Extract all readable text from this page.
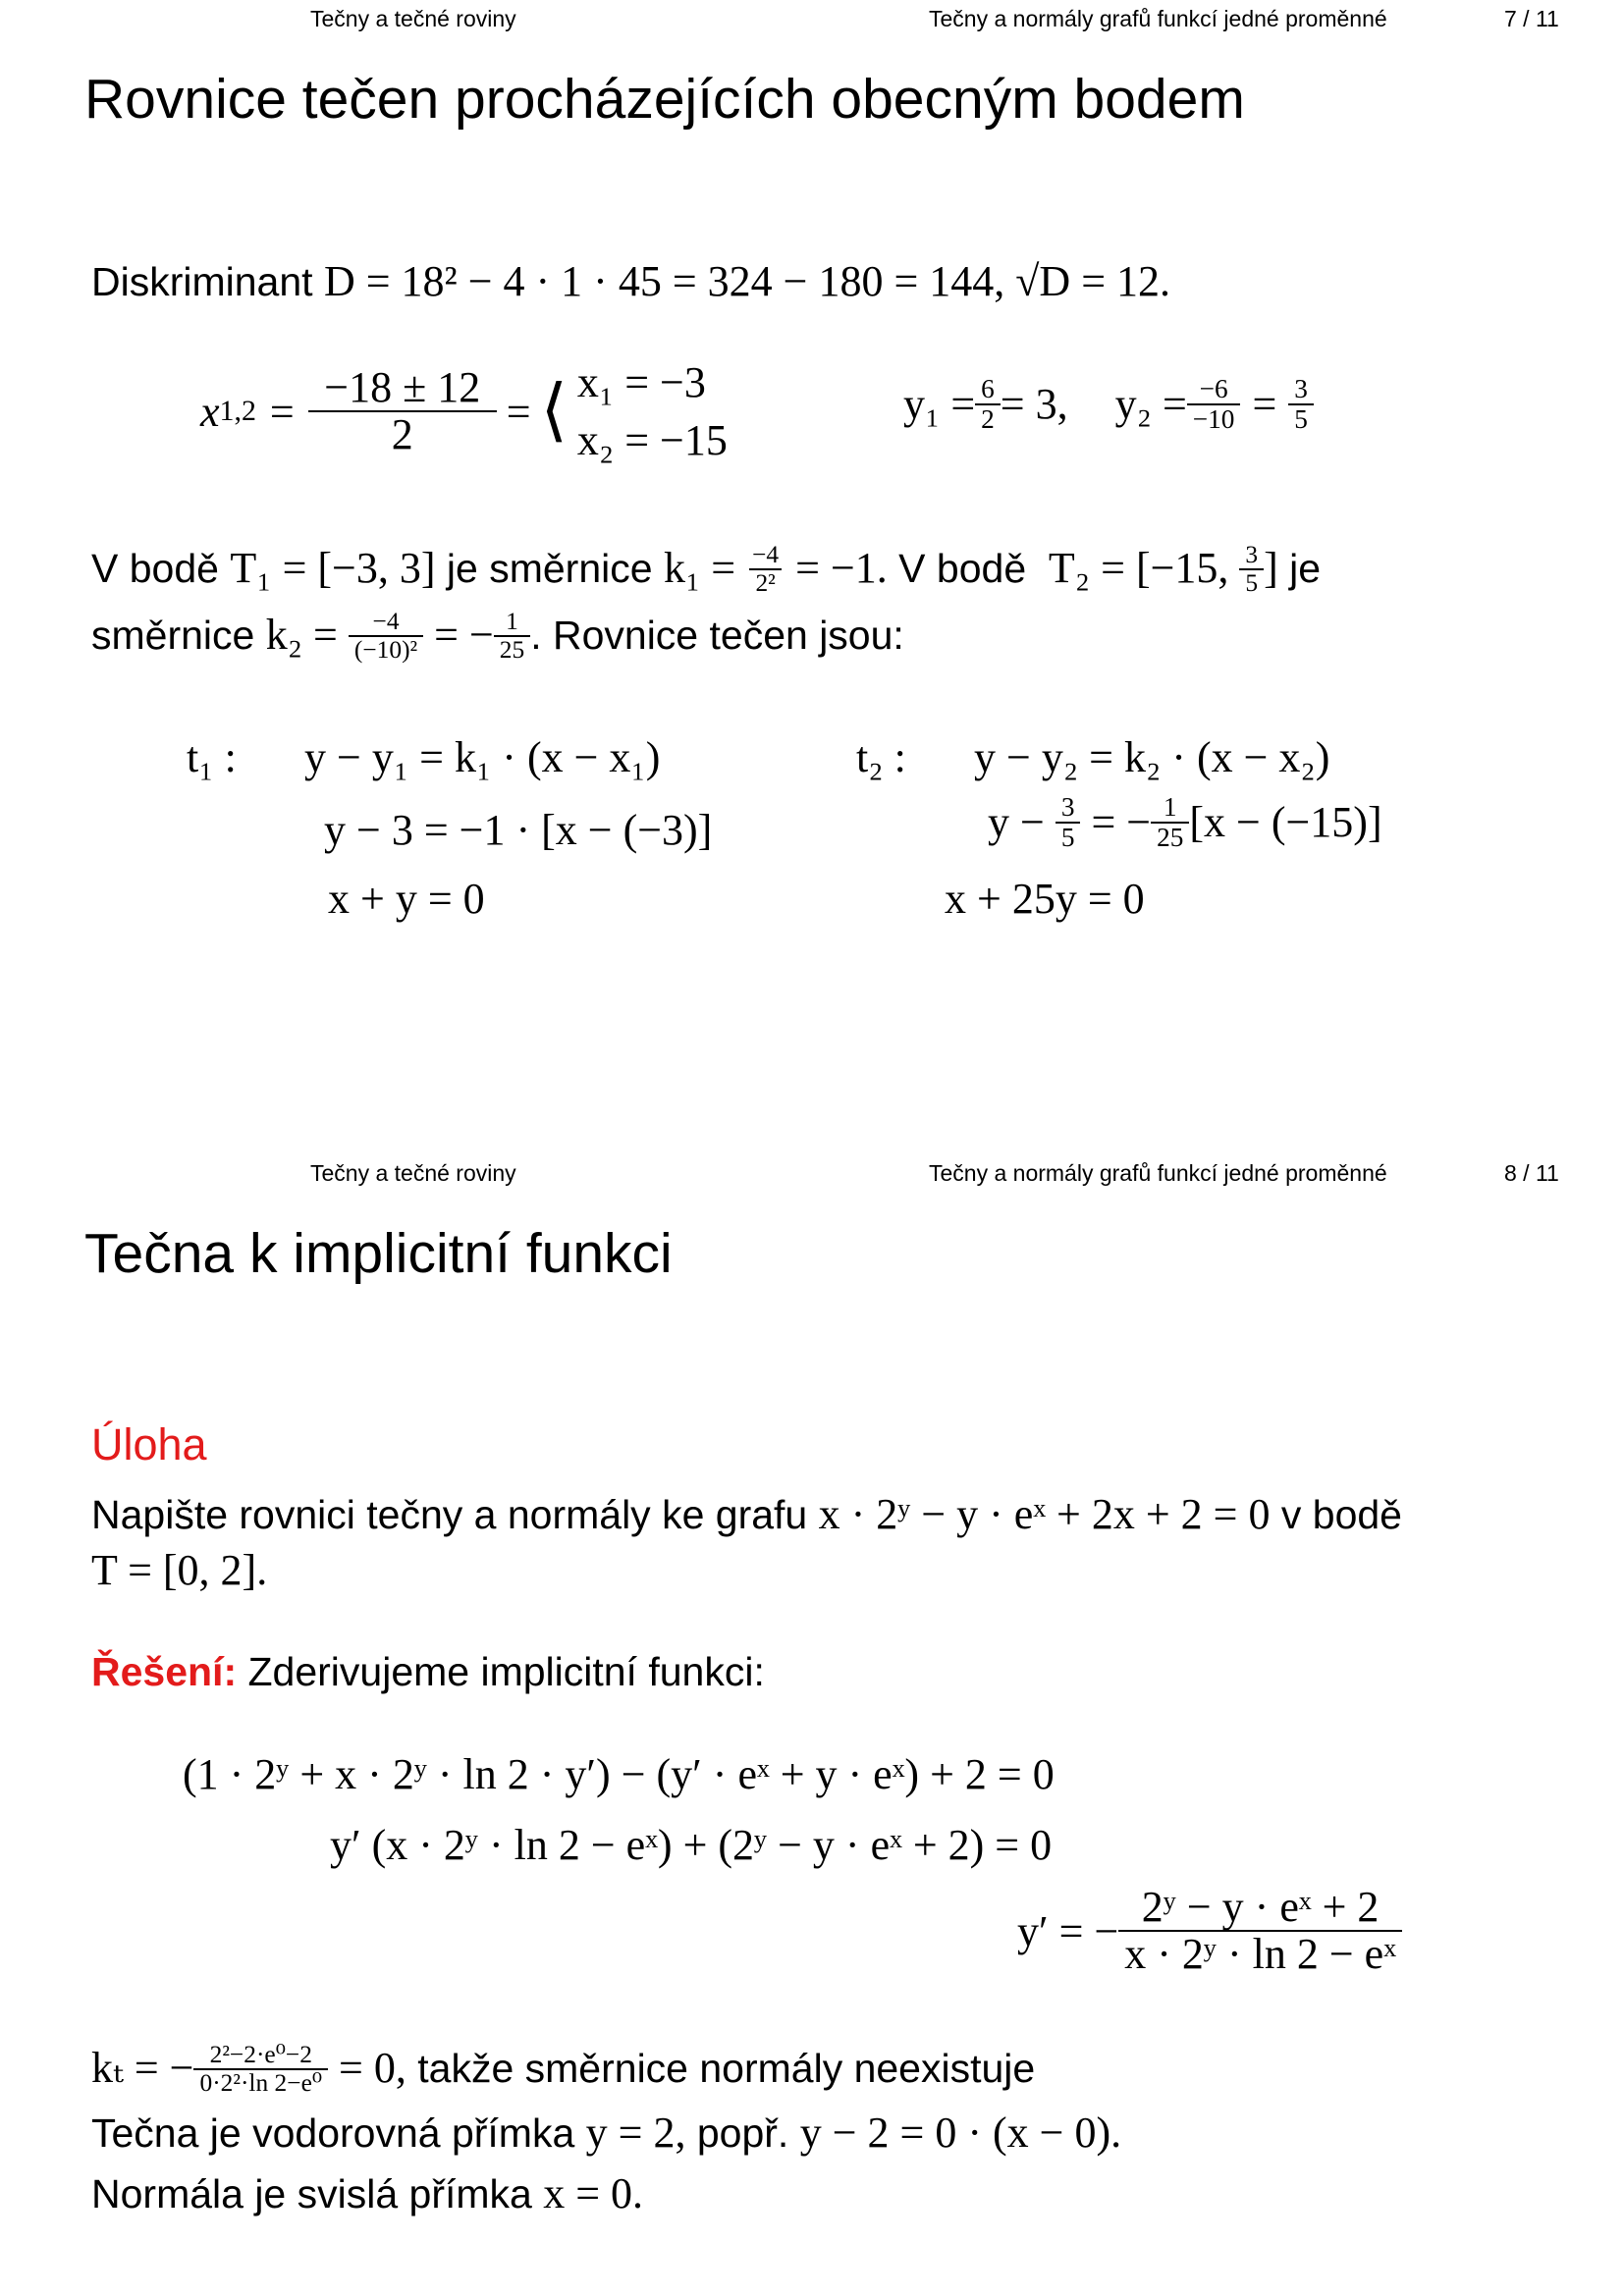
Tečny a tečné roviny	Tečny a normály grafů funkcí jedné proměnné	7 / 11
Rovnice tečen procházejících obecným bodem
Diskriminant D = 18² − 4 · 1 · 45 = 324 − 180 = 144, √D = 12.
x $1,2 = \frac{-18 \pm 12}{2}$ = ⟨ x₁ = −3
x₂ = −15
$y_1 = \frac{6}{2} = 3$, $y_2 = \frac{-6}{-10} = \frac{3}{5}$
V bodě
T₁ = [−3, 3] je směrnice $k_1 = \frac{-4}{\text{2²}} = -1$. V bodě
T₂ = [−15, $\frac{3}{5}$ ] je
směrnice $k_2 = \frac{-4}{\text{(−10)²}}$ = − $\frac{1}{25}$ . Rovnice tečen jsou:
t₁ : y − y₁ = k₁ · (x − x₁)
y − 3 = −1 · [x − (−3)]
x + y = 0
t₂ : y − y₂ = k₂ · (x − x₂)
$y - \frac{3}{5}$ = − $\frac{1}{25} [x - (-15)]$
x + 25y = 0
Tečny a tečné roviny	Tečny a normály grafů funkcí jedné proměnné	8 / 11
Tečna k implicitní funkci
Úloha
Napište rovnici tečny a normály ke grafu x · 2ʸ − y · eˣ + 2x + 2 = 0 v bodě
T = [0, 2].
Řešení: Zderivujeme implicitní funkci:
(1 · 2ʸ + x · 2ʸ · ln 2 · y′) − (y′ · eˣ + y · eˣ) + 2 = 0
y′ (x · 2ʸ · ln 2 − eˣ) + (2ʸ − y · eˣ + 2) = 0
y′ = − $\frac{\text{2ʸ − y · eˣ + 2}}{\text{x · 2ʸ · ln 2 − eˣ}}$
kₜ = − $\frac{\text{2²−2·e⁰−2}}{\text{0·2²·ln 2−e⁰}} = 0$, takže směrnice normály neexistuje
Tečna je vodorovná přímka y = 2, popř. y − 2 = 0 · (x − 0).
Normála je svislá přímka x = 0.
